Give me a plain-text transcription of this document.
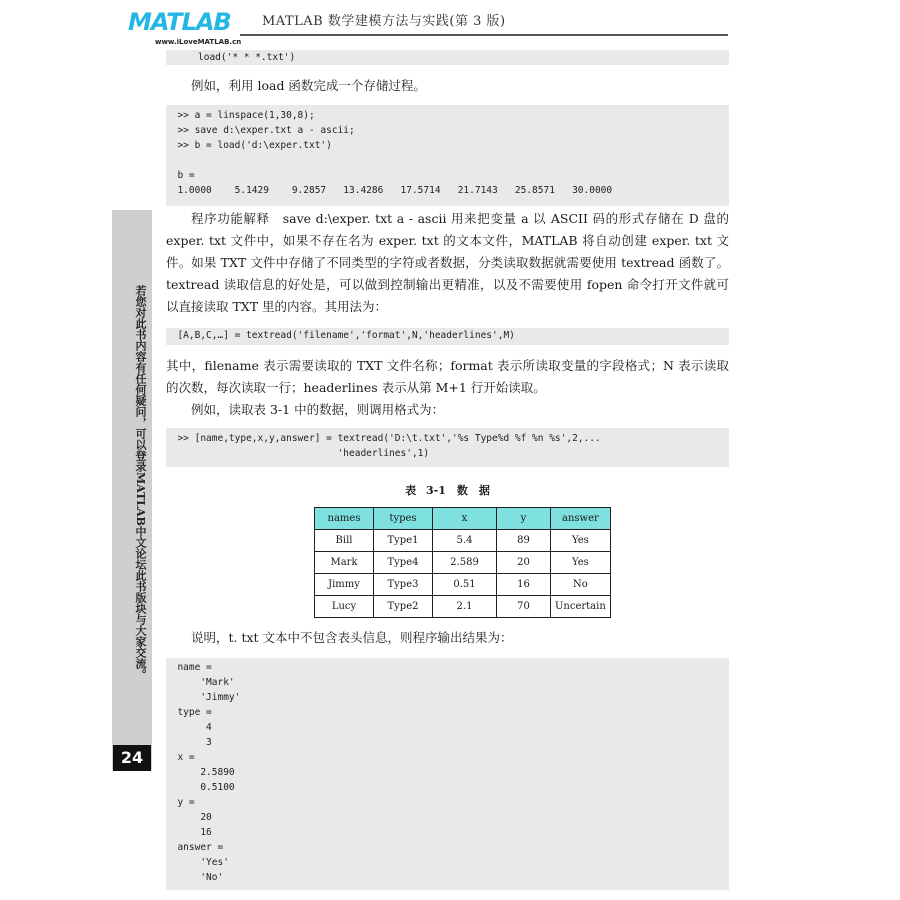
MATLAB
www.iLoveMATLAB.cn
MATLAB 数学建模方法与实践(第 3 版)
若您对此书内容有任何疑问，可以登录MATLAB中文论坛此书版块与大家交流。
24
load('* * *.txt')
例如，利用 load 函数完成一个存储过程。
>> a = linspace(1,30,8);
>> save d:\exper.txt a - ascii;
>> b = load('d:\exper.txt')

b =
1.0000    5.1429    9.2857   13.4286   17.5714   21.7143   25.8571   30.0000
程序功能解释　save d:\exper. txt a - ascii 用来把变量 a 以 ASCII 码的形式存储在 D 盘的 exper. txt 文件中，如果不存在名为 exper. txt 的文本文件，MATLAB 将自动创建 exper. txt 文件。如果 TXT 文件中存储了不同类型的字符或者数据，分类读取数据就需要使用 textread 函数了。textread 读取信息的好处是，可以做到控制输出更精准，以及不需要使用 fopen 命令打开文件就可以直接读取 TXT 里的内容。其用法为：
[A,B,C,…] = textread('filename','format',N,'headerlines',M)
其中，filename 表示需要读取的 TXT 文件名称；format 表示所读取变量的字段格式；N 表示读取的次数，每次读取一行；headerlines 表示从第 M+1 行开始读取。
例如，读取表 3-1 中的数据，则调用格式为：
>> [name,type,x,y,answer] = textread('D:\t.txt','%s Type%d %f %n %s',2,...
'headerlines',1)
表 3-1　数　据
names	types	x	y	answer
Bill	Type1	5.4	89	Yes
Mark	Type4	2.589	20	Yes
Jimmy	Type3	0.51	16	No
Lucy	Type2	2.1	70	Uncertain
说明，t. txt 文本中不包含表头信息，则程序输出结果为：
name =
'Mark'
'Jimmy'
type =
4
3
x =
2.5890
0.5100
y =
20
16
answer =
'Yes'
'No'
